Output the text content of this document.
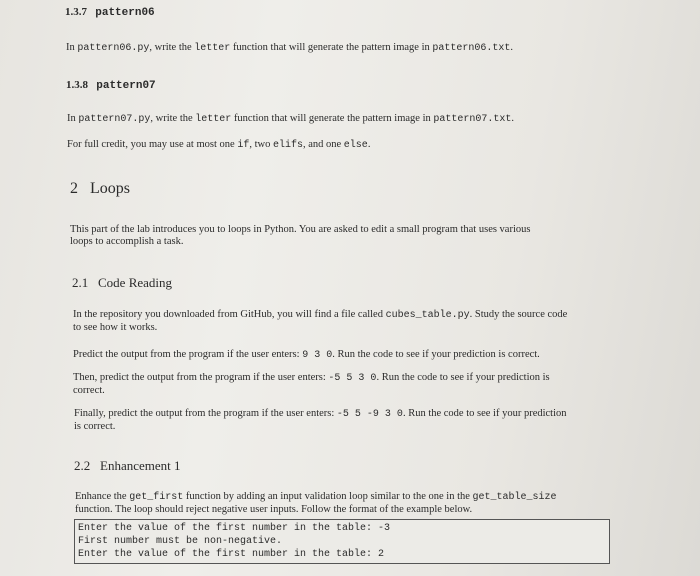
1.3.7 pattern06
In pattern06.py, write the letter function that will generate the pattern image in pattern06.txt.
1.3.8 pattern07
In pattern07.py, write the letter function that will generate the pattern image in pattern07.txt.
For full credit, you may use at most one if, two elifs, and one else.
2 Loops
This part of the lab introduces you to loops in Python. You are asked to edit a small program that uses various
loops to accomplish a task.
2.1 Code Reading
In the repository you downloaded from GitHub, you will find a file called cubes_table.py. Study the source code
to see how it works.
Predict the output from the program if the user enters: 9 3 0. Run the code to see if your prediction is correct.
Then, predict the output from the program if the user enters: -5 5 3 0. Run the code to see if your prediction is
correct.
Finally, predict the output from the program if the user enters: -5 5 -9 3 0. Run the code to see if your prediction
is correct.
2.2 Enhancement 1
Enhance the get_first function by adding an input validation loop similar to the one in the get_table_size
function. The loop should reject negative user inputs. Follow the format of the example below.
Enter the value of the first number in the table: -3
First number must be non-negative.
Enter the value of the first number in the table: 2
